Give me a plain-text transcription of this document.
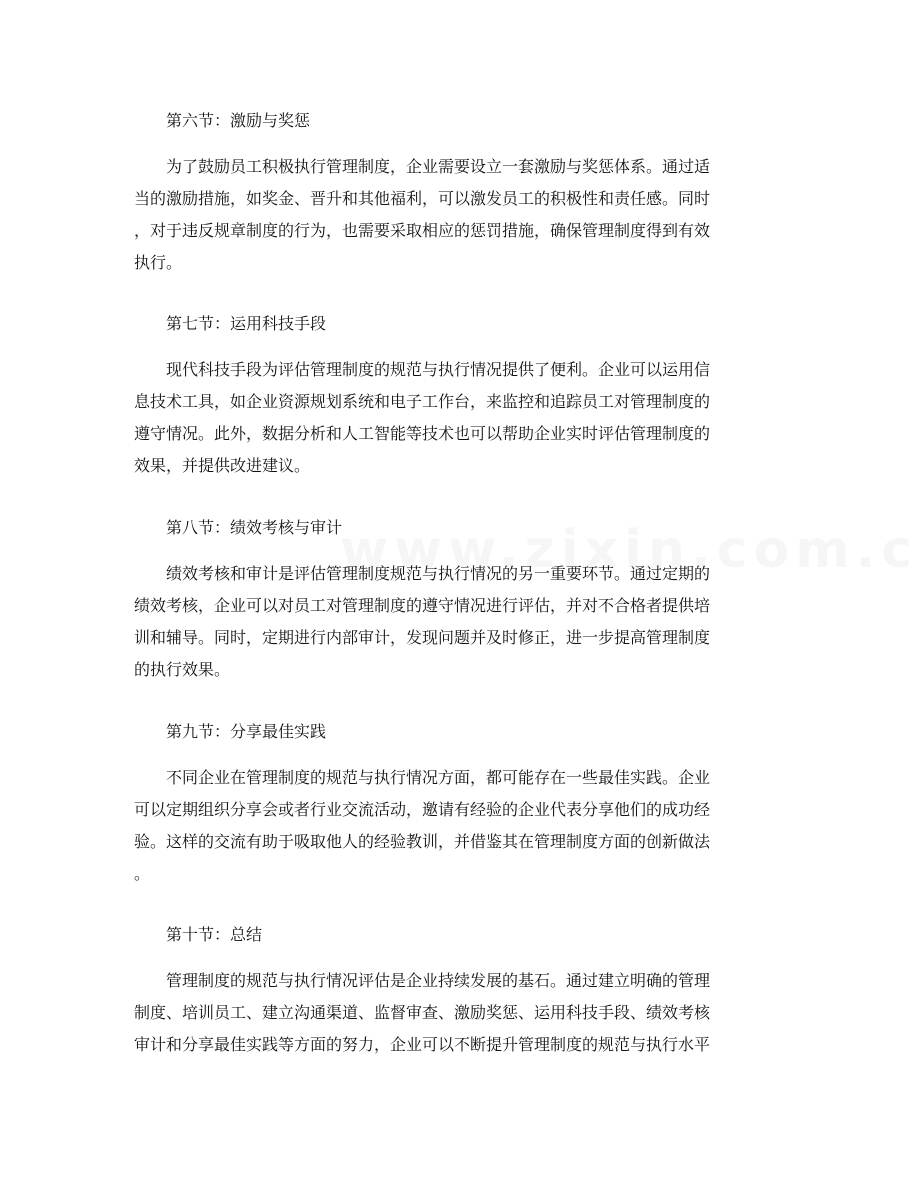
第六节：激励与奖惩
为了鼓励员工积极执行管理制度，企业需要设立一套激励与奖惩体系。通过适
当的激励措施，如奖金、晋升和其他福利，可以激发员工的积极性和责任感。同时
，对于违反规章制度的行为，也需要采取相应的惩罚措施，确保管理制度得到有效
执行。
第七节：运用科技手段
现代科技手段为评估管理制度的规范与执行情况提供了便利。企业可以运用信
息技术工具，如企业资源规划系统和电子工作台，来监控和追踪员工对管理制度的
遵守情况。此外，数据分析和人工智能等技术也可以帮助企业实时评估管理制度的
效果，并提供改进建议。
第八节：绩效考核与审计
绩效考核和审计是评估管理制度规范与执行情况的另一重要环节。通过定期的
绩效考核，企业可以对员工对管理制度的遵守情况进行评估，并对不合格者提供培
训和辅导。同时，定期进行内部审计，发现问题并及时修正，进一步提高管理制度
的执行效果。
第九节：分享最佳实践
不同企业在管理制度的规范与执行情况方面，都可能存在一些最佳实践。企业
可以定期组织分享会或者行业交流活动，邀请有经验的企业代表分享他们的成功经
验。这样的交流有助于吸取他人的经验教训，并借鉴其在管理制度方面的创新做法
。
第十节：总结
管理制度的规范与执行情况评估是企业持续发展的基石。通过建立明确的管理
制度、培训员工、建立沟通渠道、监督审查、激励奖惩、运用科技手段、绩效考核
审计和分享最佳实践等方面的努力，企业可以不断提升管理制度的规范与执行水平
